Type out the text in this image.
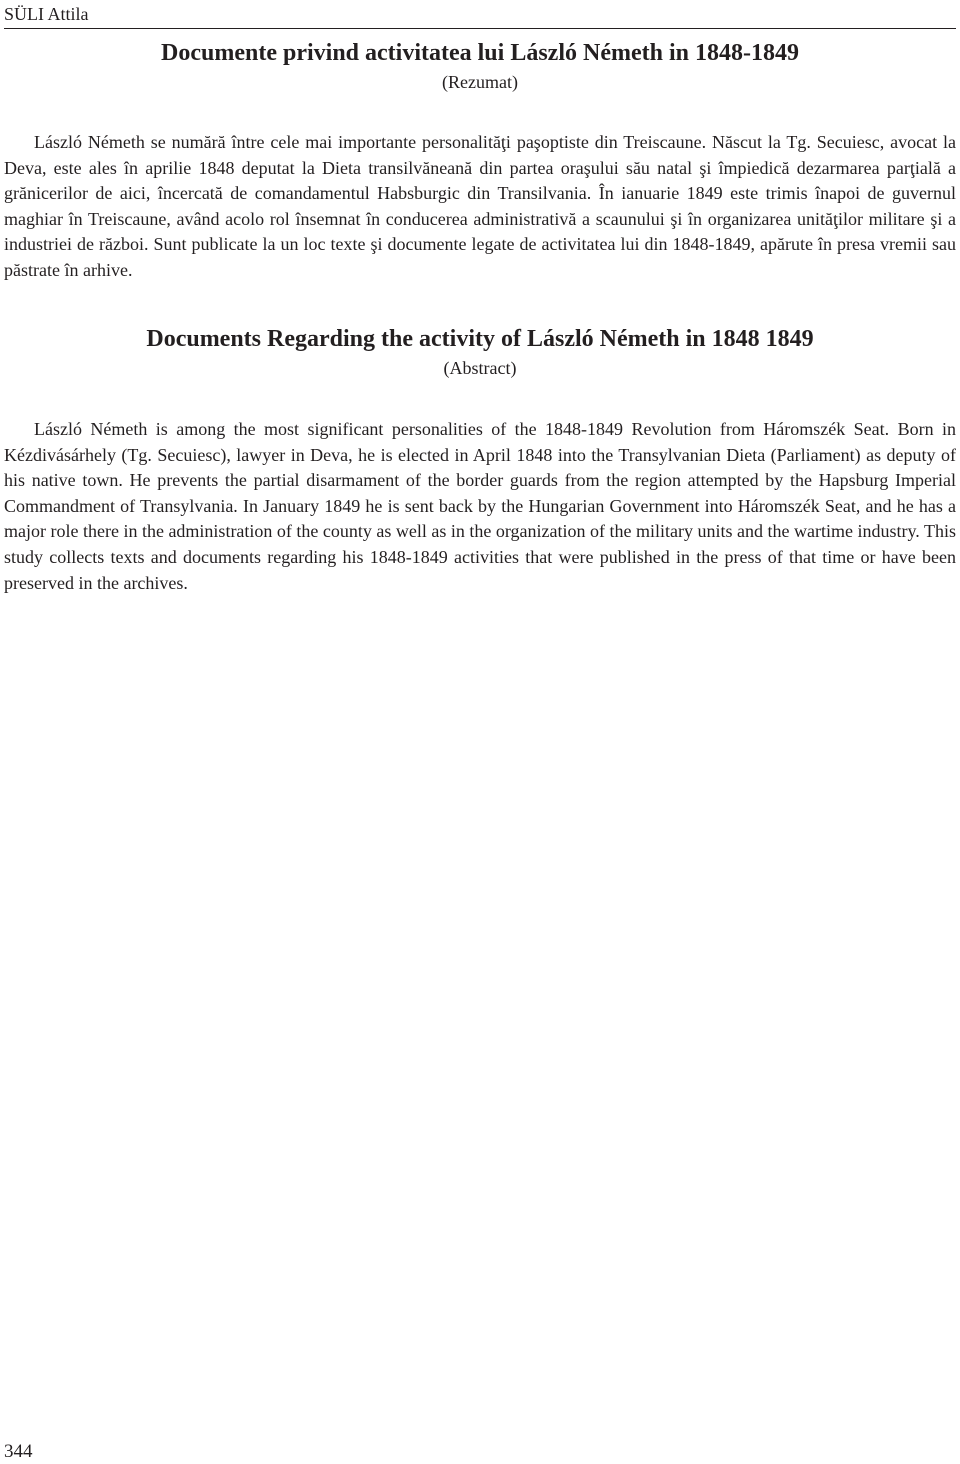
SÜLI Attila
Documente privind activitatea lui László Németh in 1848-1849
(Rezumat)

László Németh se numără între cele mai importante personalităţi paşoptiste din Treiscaune. Născut la Tg. Secuiesc, avocat la Deva, este ales în aprilie 1848 deputat la Dieta transilvăneană din partea oraşului său natal şi împiedică dezarmarea parţială a grănicerilor de aici, încercată de comandamentul Habsburgic din Transilvania. În ianuarie 1849 este trimis înapoi de guvernul maghiar în Treiscaune, având acolo rol însemnat în conducerea administrativă a scaunului şi în organizarea unităţilor militare şi a industriei de război. Sunt publicate la un loc texte şi documente legate de activitatea lui din 1848-1849, apărute în presa vremii sau păstrate în arhive.

Documents Regarding the activity of László Németh in 1848 1849
(Abstract)

László Németh is among the most significant personalities of the 1848-1849 Revolution from Háromszék Seat. Born in Kézdivásárhely (Tg. Secuiesc), lawyer in Deva, he is elected in April 1848 into the Transylvanian Dieta (Parliament) as deputy of his native town. He prevents the partial disarmament of the border guards from the region attempted by the Hapsburg Imperial Commandment of Transylvania. In January 1849 he is sent back by the Hungarian Government into Háromszék Seat, and he has a major role there in the administration of the county as well as in the organization of the military units and the wartime industry. This study collects texts and documents regarding his 1848-1849 activities that were published in the press of that time or have been preserved in the archives.

344
